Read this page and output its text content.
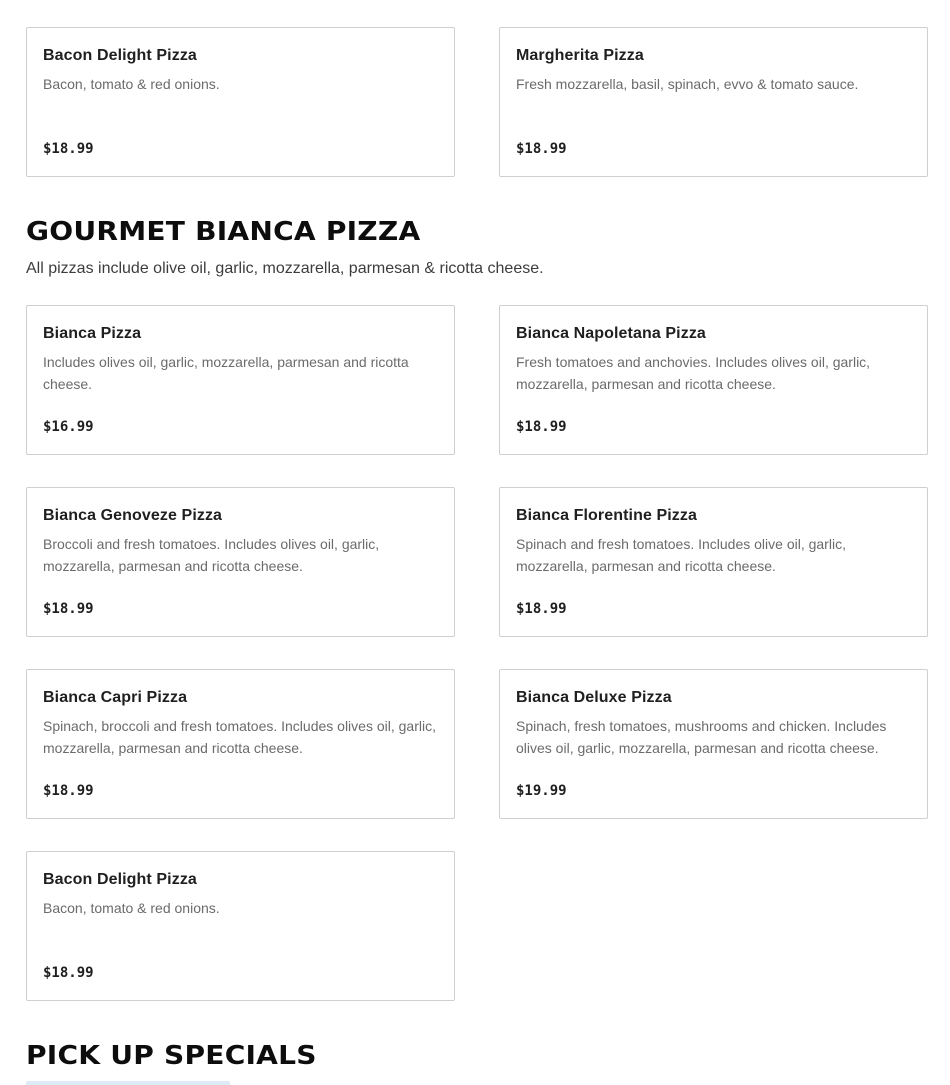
Bacon Delight Pizza
Bacon, tomato & red onions.
$18.99
Margherita Pizza
Fresh mozzarella, basil, spinach, evvo & tomato sauce.
$18.99
GOURMET BIANCA PIZZA
All pizzas include olive oil, garlic, mozzarella, parmesan & ricotta cheese.
Bianca Pizza
Includes olives oil, garlic, mozzarella, parmesan and ricotta cheese.
$16.99
Bianca Napoletana Pizza
Fresh tomatoes and anchovies. Includes olives oil, garlic, mozzarella, parmesan and ricotta cheese.
$18.99
Bianca Genoveze Pizza
Broccoli and fresh tomatoes. Includes olives oil, garlic, mozzarella, parmesan and ricotta cheese.
$18.99
Bianca Florentine Pizza
Spinach and fresh tomatoes. Includes olive oil, garlic, mozzarella, parmesan and ricotta cheese.
$18.99
Bianca Capri Pizza
Spinach, broccoli and fresh tomatoes. Includes olives oil, garlic, mozzarella, parmesan and ricotta cheese.
$18.99
Bianca Deluxe Pizza
Spinach, fresh tomatoes, mushrooms and chicken. Includes olives oil, garlic, mozzarella, parmesan and ricotta cheese.
$19.99
Bacon Delight Pizza
Bacon, tomato & red onions.
$18.99
PICK UP SPECIALS
